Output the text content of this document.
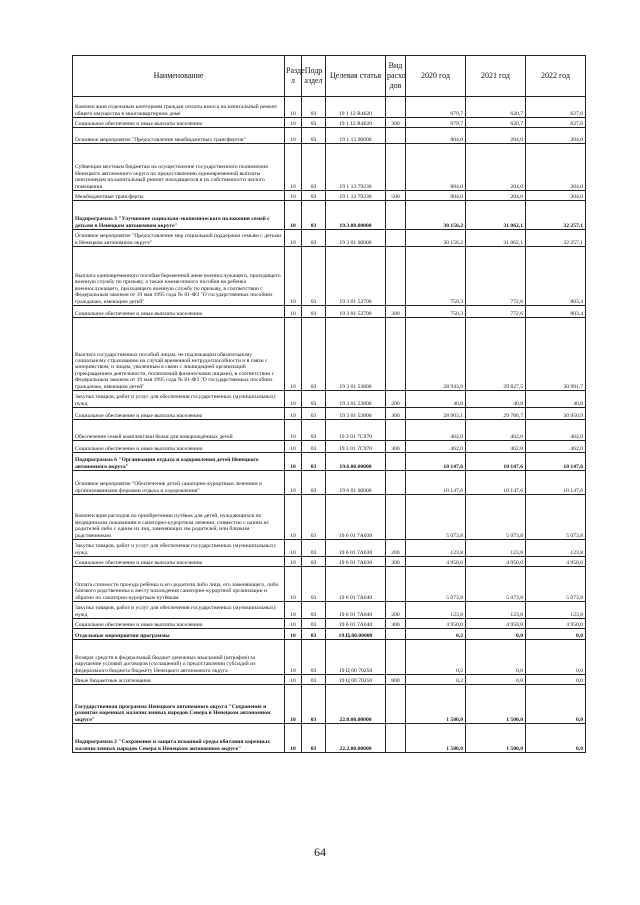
Наименование	Разде л	Подр аздел	Целевая статья	Вид расхо дов	2020 год	2021 год	2022 год
Компенсация отдельным категориям граждан оплаты взноса на капитальный ремонт общего имущества в многоквартирном доме	10	03	19 1 12 R4620		979,7	620,7	627,6
Социальное обеспечение и иные выплаты населению	10	03	19 1 12 R4620	300	979,7	620,7	627,6
Основное мероприятие "Предоставление межбюджетных трансфертов"	10	03	19 1 13 00000		804,0	204,0	204,0
Субвенции местным бюджетам на осуществление государственного полномочия Ненецкого автономного округа по предоставлению единовременной выплаты пенсионерам на капитальный ремонт находящегося в их собственности жилого помещения	10	03	19 1 13 79230		804,0	204,0	204,0
Межбюджетные трансферты	10	03	19 1 13 79230	500	804,0	204,0	204,0
Подпрограмма 3 "Улучшение социально-экономического положения семей с детьми в Ненецком автономном округе"	10	03	19.3.00.00000		30 156,2	31 062,1	32 257,1
Основное мероприятие "Предоставление мер социальной поддержки семьям с детьми в Ненецком автономном округе"	10	03	19 3 01 00000		30 156,2	31 062,1	32 257,1
Выплата единовременного пособия беременной жене военнослужащего, проходящего военную службу по призыву, а также ежемесячного пособия на ребенка военнослужащего, проходящего военную службу по призыву, в соответствии с Федеральным законом от 19 мая 1995 года № 81-ФЗ "О государственных пособиях гражданам, имеющим детей"	10	03	19 3 01 52700		750,3	772,6	803,4
Социальное обеспечение и иные выплаты населению	10	03	19 3 01 52700	300	750,3	772,6	803,4
Выплата государственных пособий лицам, не подлежащим обязательному социальному страхованию на случай временной нетрудоспособности и в связи с материнством, и лицам, уволенным в связи с ликвидацией организаций (прекращением деятельности, полномочий физическими лицами), в соответствии с Федеральным законом от 19 мая 1995 года № 81-ФЗ "О государственных пособиях гражданам, имеющим детей"	10	03	19 3 01 53800		28 943,9	29 827,5	30 991,7
Закупка товаров, работ и услуг для обеспечения государственных (муниципальных) нужд	10	03	19 3 01 53800	200	40,8	40,8	40,8
Социальное обеспечение и иные выплаты населению	10	03	19 3 01 53800	300	28 903,1	29 786,7	30 950,9
Обеспечение семей комплектами белья для новорождённых детей	10	03	19 3 01 7С970		462,0	462,0	462,0
Социальное обеспечение и иные выплаты населению	10	03	19 3 01 7С970	300	462,0	462,0	462,0
Подпрограмма 6 "Организация отдыха и оздоровления детей Ненецкого автономного округа"	10	03	19.6.00.00000		10 147,6	10 147,6	10 147,6
Основное мероприятие "Обеспечение детей санаторно-курортным лечением и организованными формами отдыха и оздоровления"	10	03	19 6 01 00000		10 147,6	10 147,6	10 147,6
Компенсация расходов по приобретению путёвок для детей, нуждающихся по медицинским показаниям в санаторно-курортном лечении, совместно с одним из родителей либо с одним из лиц, заменяющих им родителей, или близким родственником	10	03	19 6 01 7А030		5 073,8	5 073,8	5 073,8
Закупка товаров, работ и услуг для обеспечения государственных (муниципальных) нужд	10	03	19 6 01 7А030	200	123,8	123,8	123,8
Социальное обеспечение и иные выплаты населению	10	03	19 6 01 7А030	300	4 950,0	4 950,0	4 950,0
Оплата стоимости проезда ребёнка и его родителя либо лица, его заменяющего, либо близкого родственника к месту нахождения санаторно-курортной организации и обратно по санаторно-курортным путёвкам	10	03	19 6 01 7А040		5 073,8	5 073,8	5 073,8
Закупка товаров, работ и услуг для обеспечения государственных (муниципальных) нужд	10	03	19 6 01 7А040	200	123,8	123,8	123,8
Социальное обеспечение и иные выплаты населению	10	03	19 6 01 7А040	300	4 950,0	4 950,0	4 950,0
Отдельные мероприятия программы	10	03	19.Ц.00.00000		0,2	0,0	0,0
Возврат средств в федеральный бюджет денежных взысканий (штрафов) за нарушение условий договоров (соглашений) о предоставлении субсидий из федерального бюджета бюджету Ненецкого автономного округа	10	03	19 Ц 00 70250		0,2	0,0	0,0
Иные бюджетные ассигнования	10	03	19 Ц 00 70250	800	0,2	0,0	0,0
Государственная программа Ненецкого автономного округа "Сохранение и развитие коренных малочисленных народов Севера в Ненецком автономном округе"	10	03	22.0.00.00000		1 500,0	1 500,0	0,0
Подпрограмма 2 "Сохранение и защита исконной среды обитания коренных малочисленных народов Севера в Ненецком автономном округе"	10	03	22.2.00.00000		1 500,0	1 500,0	0,0
64
